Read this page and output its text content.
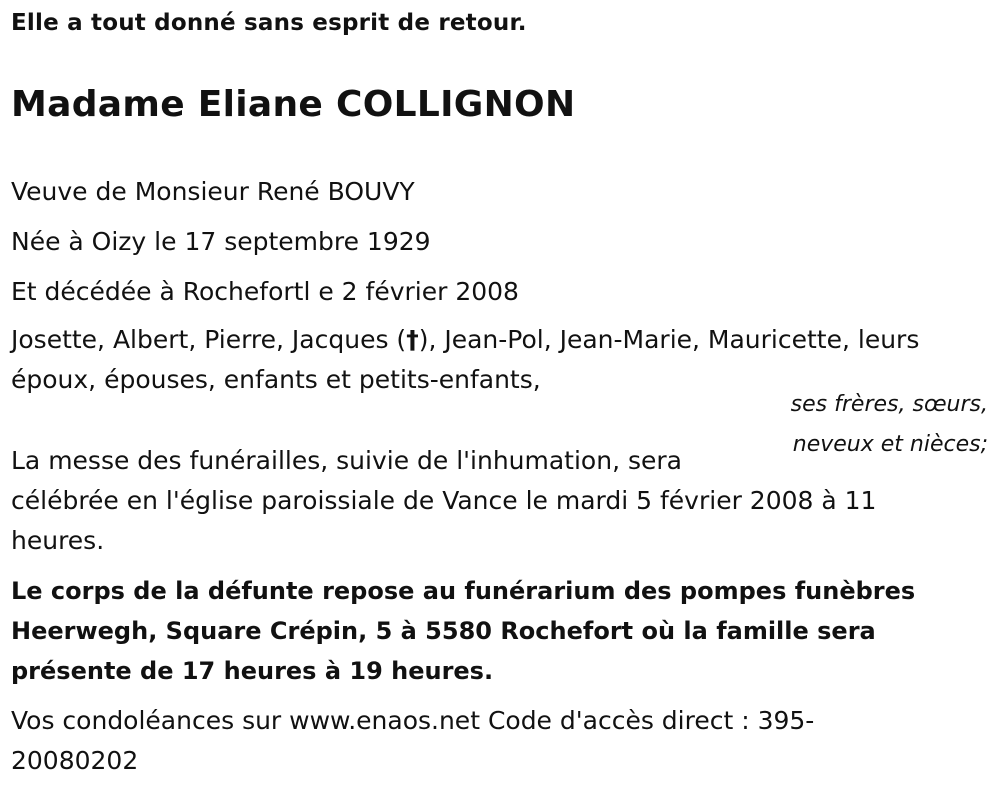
Elle a tout donné sans esprit de retour.

Madame Eliane COLLIGNON

Veuve de Monsieur René BOUVY

Née à Oizy le 17 septembre 1929

Et décédée à Rochefortl e 2 février 2008

Josette, Albert, Pierre, Jacques (†), Jean-Pol, Jean-Marie, Mauricette, leurs époux, épouses, enfants et petits-enfants,

ses frères, sœurs,
neveux et nièces;

La messe des funérailles, suivie de l'inhumation, sera

célébrée en l'église paroissiale de Vance le mardi 5 février 2008 à 11 heures.

Le corps de la défunte repose au funérarium des pompes funèbres Heerwegh, Square Crépin, 5 à 5580 Rochefort où la famille sera présente de 17 heures à 19 heures.

Vos condoléances sur www.enaos.net Code d'accès direct : 395-20080202
